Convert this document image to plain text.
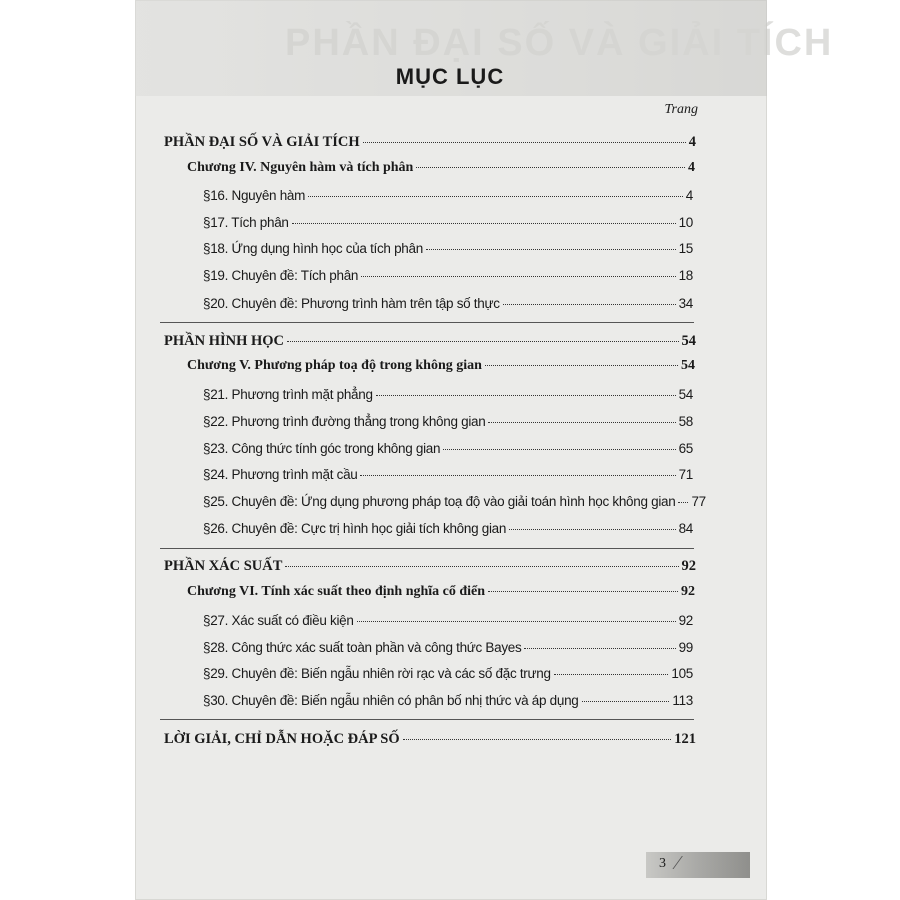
PHẦN ĐẠI SỐ VÀ GIẢI TÍCH
MỤC LỤC
Trang
PHẦN ĐẠI SỐ VÀ GIẢI TÍCH	4
Chương IV. Nguyên hàm và tích phân	4
§16. Nguyên hàm	4
§17. Tích phân	10
§18. Ứng dụng hình học của tích phân	15
§19. Chuyên đề: Tích phân	18
§20. Chuyên đề: Phương trình hàm trên tập số thực	34
PHẦN HÌNH HỌC	54
Chương V. Phương pháp toạ độ trong không gian	54
§21. Phương trình mặt phẳng	54
§22. Phương trình đường thẳng trong không gian	58
§23. Công thức tính góc trong không gian	65
§24. Phương trình mặt cầu	71
§25. Chuyên đề: Ứng dụng phương pháp toạ độ vào giải toán hình học không gian 77
§26. Chuyên đề: Cực trị hình học giải tích không gian	84
PHẦN XÁC SUẤT	92
Chương VI. Tính xác suất theo định nghĩa cổ điển	92
§27. Xác suất có điều kiện	92
§28. Công thức xác suất toàn phần và công thức Bayes	99
§29. Chuyên đề: Biến ngẫu nhiên rời rạc và các số đặc trưng	105
§30. Chuyên đề: Biến ngẫu nhiên có phân bố nhị thức và áp dụng	113
LỜI GIẢI, CHỈ DẪN HOẶC ĐÁP SỐ	121
3 ⁄
